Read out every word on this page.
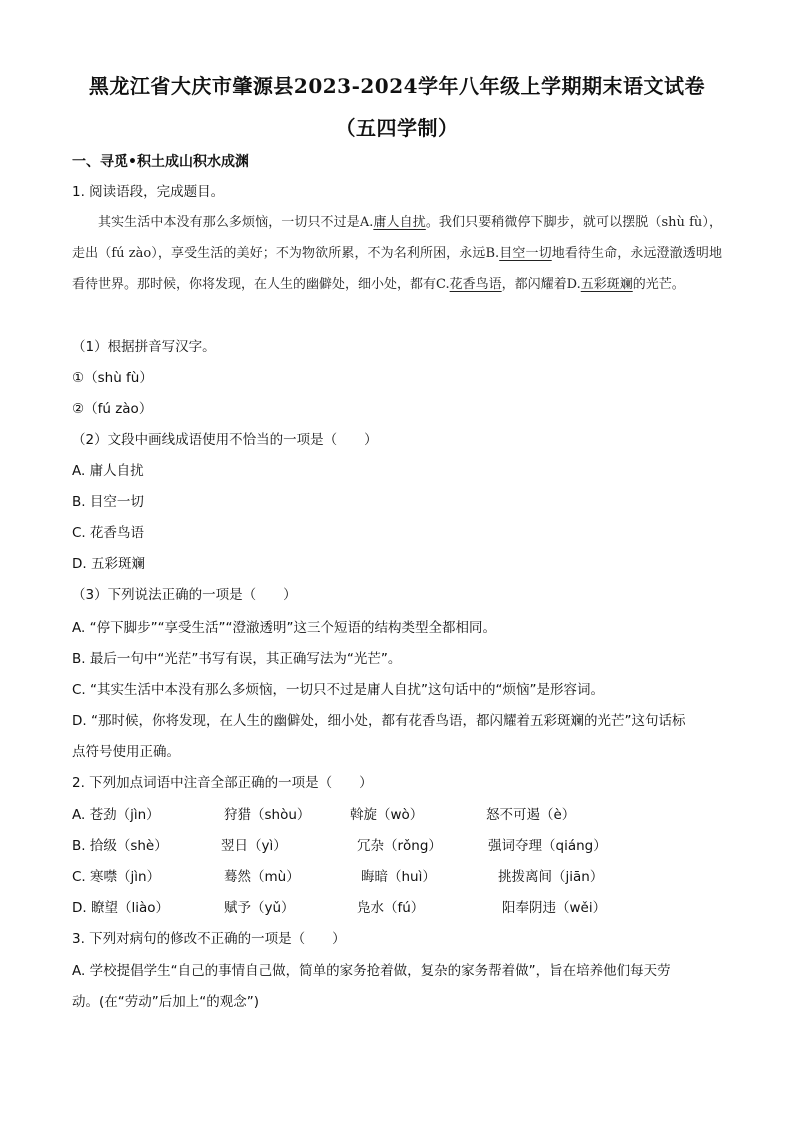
黑龙江省大庆市肇源县2023-2024学年八年级上学期期末语文试卷
（五四学制）
一、寻觅•积土成山积水成渊
1. 阅读语段，完成题目。
其实生活中本没有那么多烦恼，一切只不过是A.庸人自扰。我们只要稍微停下脚步，就可以摆脱（shù fù），走出（fú zào），享受生活的美好；不为物欲所累，不为名利所困，永远B.目空一切地看待生命，永远澄澈透明地看待世界。那时候，你将发现，在人生的幽僻处，细小处，都有C.花香鸟语，都闪耀着D.五彩斑斓的光芒。
（1）根据拼音写汉字。
①（shù fù）
②（fú zào）
（2）文段中画线成语使用不恰当的一项是（　　）
A. 庸人自扰
B. 目空一切
C. 花香鸟语
D. 五彩斑斓
（3）下列说法正确的一项是（　　）
A. “停下脚步”“享受生活”“澄澈透明”这三个短语的结构类型全都相同。
B. 最后一句中“光茫”书写有误，其正确写法为“光芒”。
C. “其实生活中本没有那么多烦恼，一切只不过是庸人自扰”这句话中的“烦恼”是形容词。
D. “那时候，你将发现，在人生的幽僻处，细小处，都有花香鸟语，都闪耀着五彩斑斓的光芒”这句话标
点符号使用正确。
2. 下列加点词语中注音全部正确的一项是（　　）
A. 苍劲（jìn）	狩猎（shòu）	斡旋（wò）	怒不可遏（è）
B. 拾级（shè）	翌日（yì）	冗杂（rǒng）	强词夺理（qiáng）
C. 寒噤（jìn）	蓦然（mù）	晦暗（huì）	挑拨离间（jiān）
D. 瞭望（liào）	赋予（yǔ）	凫水（fú）	阳奉阴违（wěi）
3. 下列对病句的修改不正确的一项是（　　）
A. 学校提倡学生“自己的事情自己做，简单的家务抢着做，复杂的家务帮着做”，旨在培养他们每天劳
动。(在“劳动”后加上“的观念”)
